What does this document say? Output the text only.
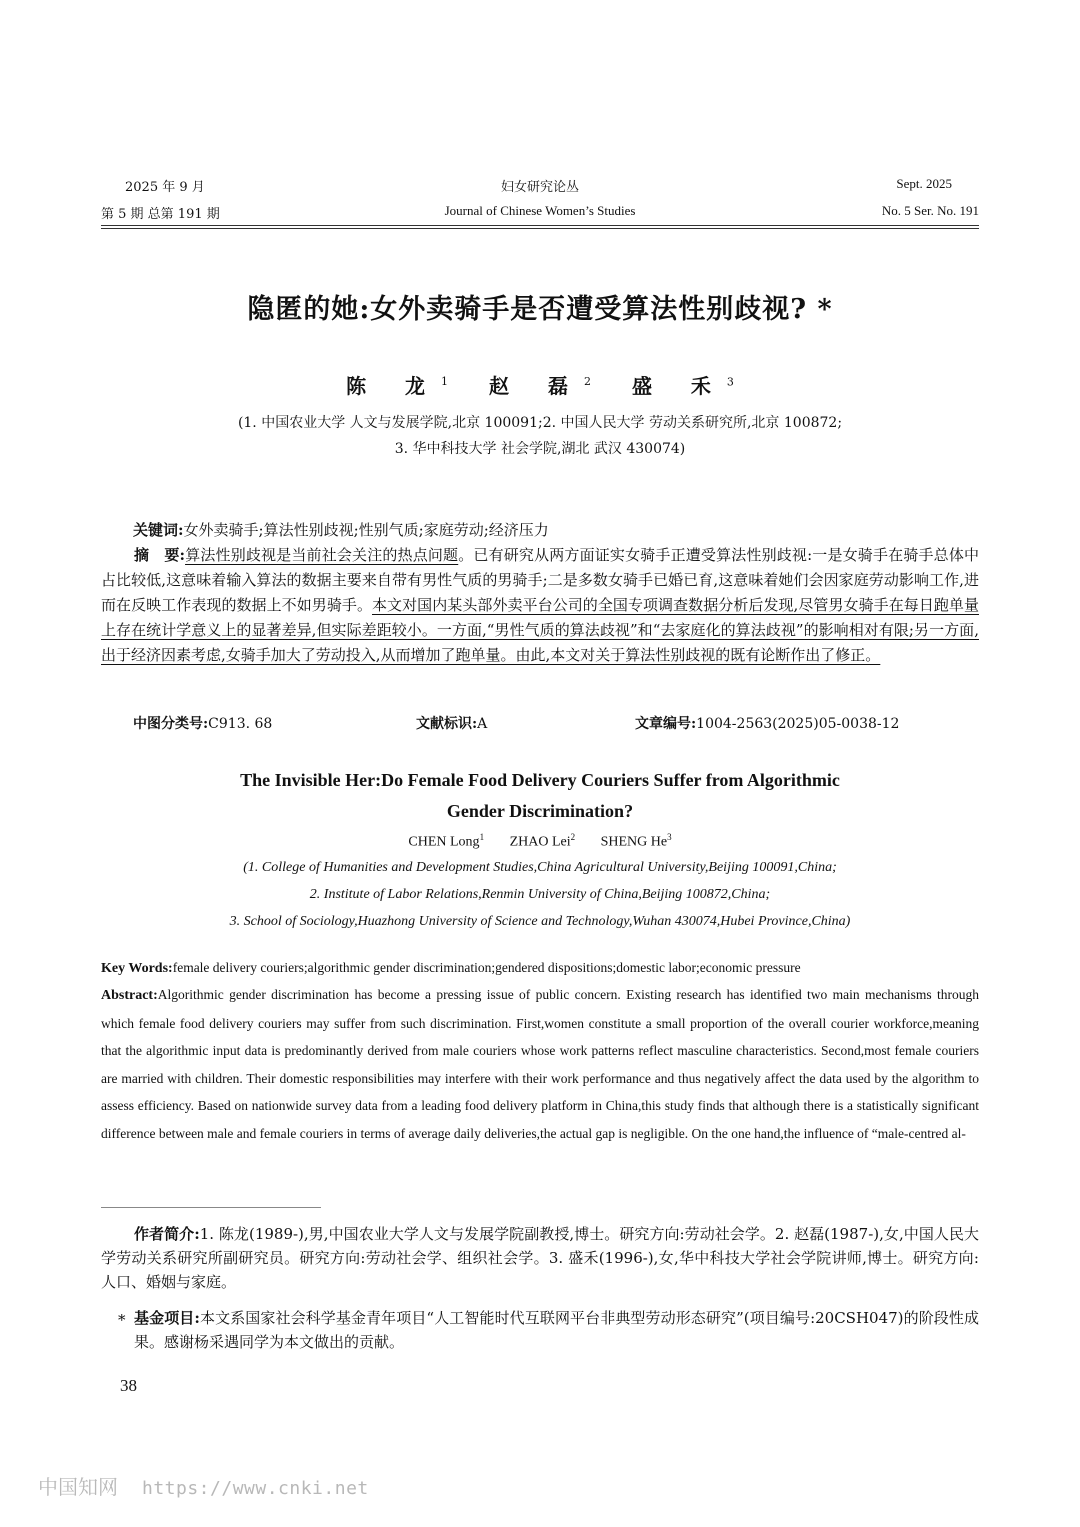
2025 年 9 月	妇女研究论丛	Sept. 2025
第 5 期 总第 191 期	Journal of Chinese Women’s Studies	No. 5 Ser. No. 191
隐匿的她:女外卖骑手是否遭受算法性别歧视? *
陈 龙$^1$ 赵 磊$^2$ 盛 禾$^3$
(1. 中国农业大学 人文与发展学院,北京 100091;2. 中国人民大学 劳动关系研究所,北京 100872;
3. 华中科技大学 社会学院,湖北 武汉 430074)
关键词:女外卖骑手;算法性别歧视;性别气质;家庭劳动;经济压力
摘　要:算法性别歧视是当前社会关注的热点问题。已有研究从两方面证实女骑手正遭受算法性别歧视:一是女骑手在骑手总体中占比较低,这意味着输入算法的数据主要来自带有男性气质的男骑手;二是多数女骑手已婚已育,这意味着她们会因家庭劳动影响工作,进而在反映工作表现的数据上不如男骑手。本文对国内某头部外卖平台公司的全国专项调查数据分析后发现,尽管男女骑手在每日跑单量上存在统计学意义上的显著差异,但实际差距较小。一方面,“男性气质的算法歧视”和“去家庭化的算法歧视”的影响相对有限;另一方面,出于经济因素考虑,女骑手加大了劳动投入,从而增加了跑单量。由此,本文对关于算法性别歧视的既有论断作出了修正。
中图分类号:C913. 68	文献标识:A	文章编号:1004-2563(2025)05-0038-12
The Invisible Her:Do Female Food Delivery Couriers Suffer from Algorithmic
Gender Discrimination?
CHEN Long$^1$ ZHAO Lei$^2$ SHENG He$^3$
(1. College of Humanities and Development Studies,China Agricultural University,Beijing 100091,China;
2. Institute of Labor Relations,Renmin University of China,Beijing 100872,China;
3. School of Sociology,Huazhong University of Science and Technology,Wuhan 430074,Hubei Province,China)
Key Words:female delivery couriers;algorithmic gender discrimination;gendered dispositions;domestic labor;economic pressure
Abstract:Algorithmic gender discrimination has become a pressing issue of public concern. Existing research has identified two main mechanisms through which female food delivery couriers may suffer from such discrimination. First,women constitute a small proportion of the overall courier workforce,meaning that the algorithmic input data is predominantly derived from male couriers whose work patterns reflect masculine characteristics. Second,most female couriers are married with children. Their domestic responsibilities may interfere with their work performance and thus negatively affect the data used by the algorithm to assess efficiency. Based on nationwide survey data from a leading food delivery platform in China,this study finds that although there is a statistically significant difference between male and female couriers in terms of average daily deliveries,the actual gap is negligible. On the one hand,the influence of “male-centred al-
作者简介:1. 陈龙(1989-),男,中国农业大学人文与发展学院副教授,博士。研究方向:劳动社会学。2. 赵磊(1987-),女,中国人民大学劳动关系研究所副研究员。研究方向:劳动社会学、组织社会学。3. 盛禾(1996-),女,华中科技大学社会学院讲师,博士。研究方向:人口、婚姻与家庭。
* 基金项目:本文系国家社会科学基金青年项目“人工智能时代互联网平台非典型劳动形态研究”(项目编号:20CSH047)的阶段性成果。感谢杨采遇同学为本文做出的贡献。
38
中国知网 https://www.cnki.net
